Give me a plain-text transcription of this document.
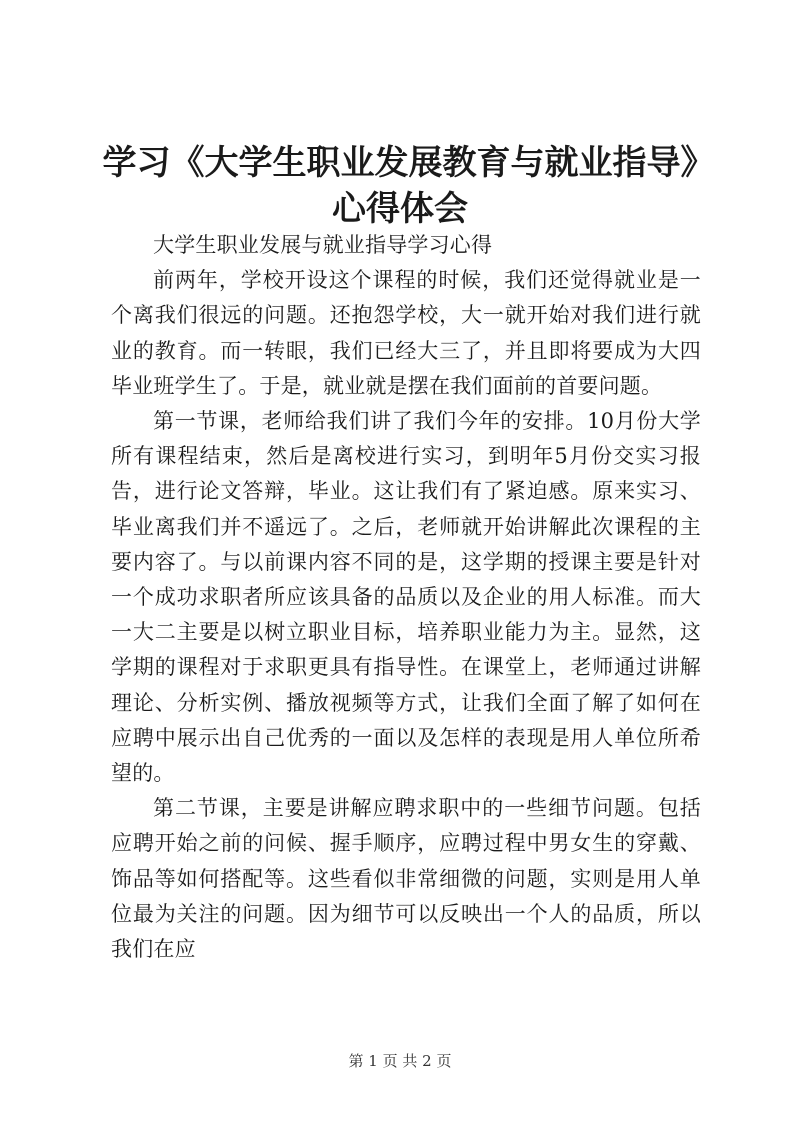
学习《大学生职业发展教育与就业指导》心得体会

大学生职业发展与就业指导学习心得

前两年，学校开设这个课程的时候，我们还觉得就业是一个离我们很远的问题。还抱怨学校，大一就开始对我们进行就业的教育。而一转眼，我们已经大三了，并且即将要成为大四毕业班学生了。于是，就业就是摆在我们面前的首要问题。

第一节课，老师给我们讲了我们今年的安排。10月份大学所有课程结束，然后是离校进行实习，到明年5月份交实习报告，进行论文答辩，毕业。这让我们有了紧迫感。原来实习、毕业离我们并不遥远了。之后，老师就开始讲解此次课程的主要内容了。与以前课内容不同的是，这学期的授课主要是针对一个成功求职者所应该具备的品质以及企业的用人标准。而大一大二主要是以树立职业目标，培养职业能力为主。显然，这学期的课程对于求职更具有指导性。在课堂上，老师通过讲解理论、分析实例、播放视频等方式，让我们全面了解了如何在应聘中展示出自己优秀的一面以及怎样的表现是用人单位所希望的。

第二节课，主要是讲解应聘求职中的一些细节问题。包括应聘开始之前的问候、握手顺序，应聘过程中男女生的穿戴、饰品等如何搭配等。这些看似非常细微的问题，实则是用人单位最为关注的问题。因为细节可以反映出一个人的品质，所以我们在应

第 1 页 共 2 页
